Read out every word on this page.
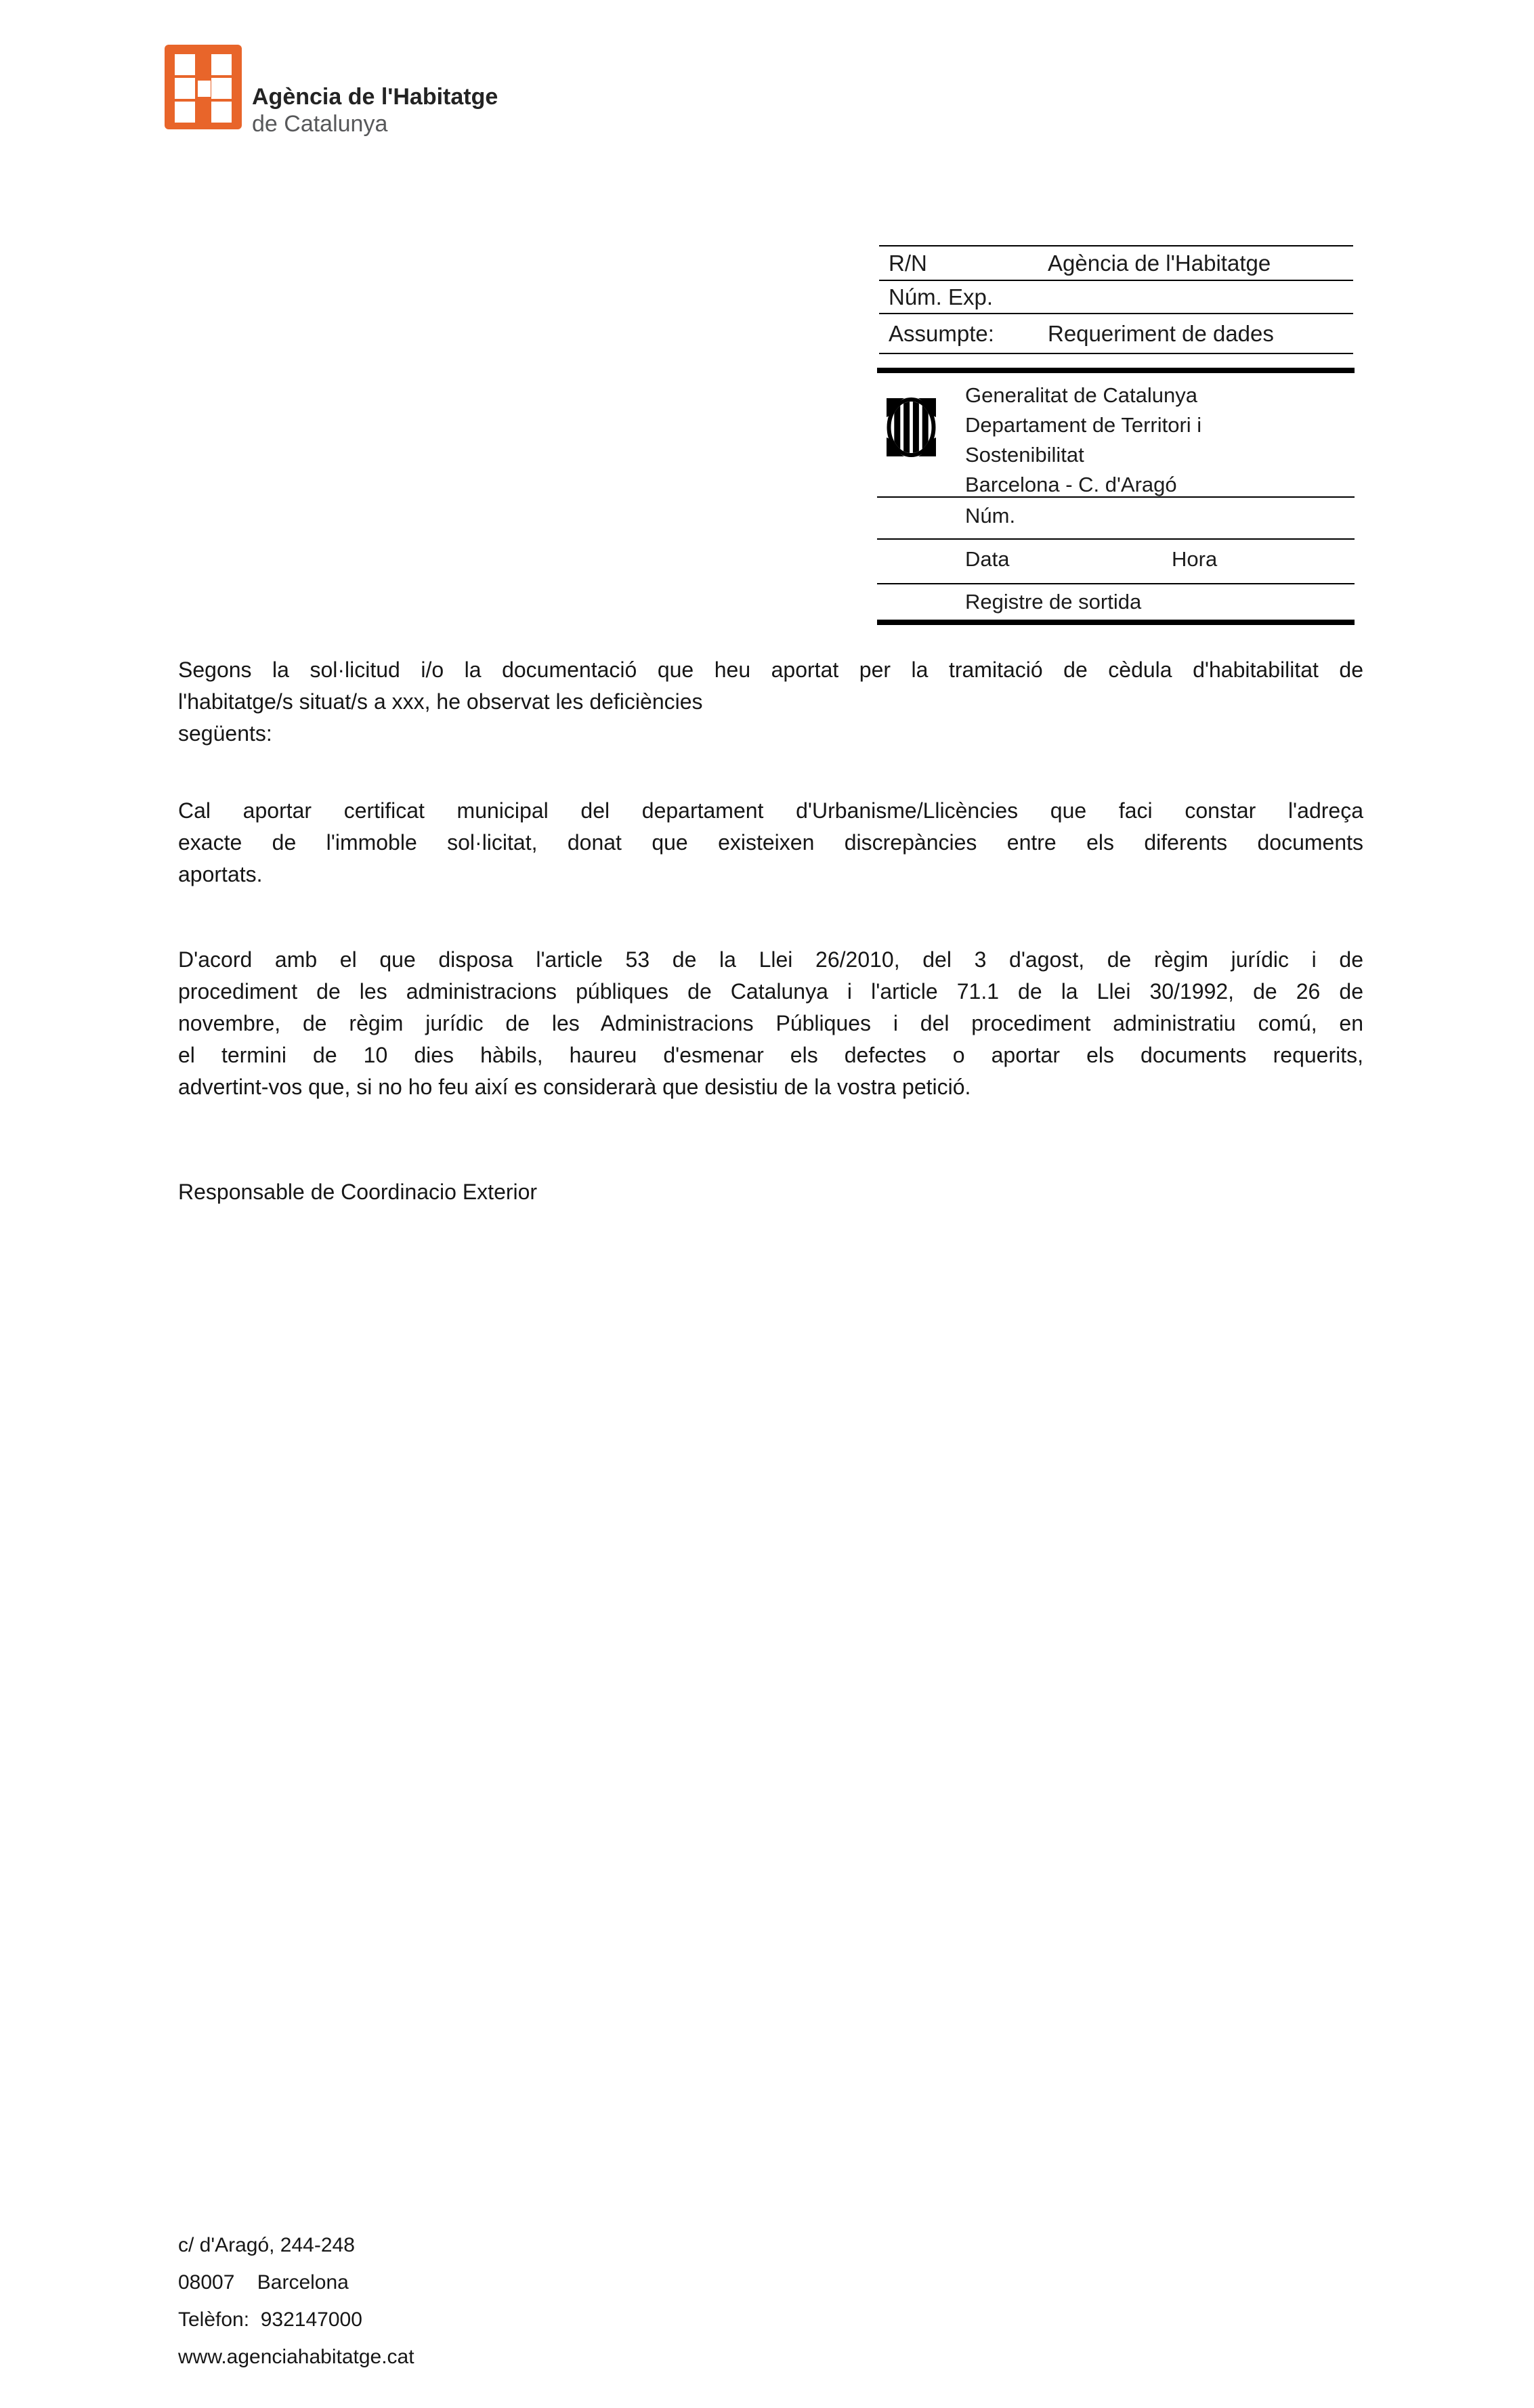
Agència de l'Habitatge
de Catalunya
R/N	Agència de l'Habitatge
Núm. Exp.
Assumpte:	Requeriment de dades
Generalitat de Catalunya
Departament de Territori i
Sostenibilitat
Barcelona - C. d'Aragó
Núm.
Data	Hora
Registre de sortida
Segons la sol·licitud i/o la documentació que heu aportat per la tramitació de cèdula d'habitabilitat de
l'habitatge/s situat/s a xxx, he observat les deficiències
següents:
Cal aportar certificat municipal del departament d'Urbanisme/Llicències que faci constar l'adreça
exacte de l'immoble sol·licitat, donat que existeixen discrepàncies entre els diferents documents
aportats.
D'acord amb el que disposa l'article 53 de la Llei 26/2010, del 3 d'agost, de règim jurídic i de
procediment de les administracions públiques de Catalunya i l'article 71.1 de la Llei 30/1992, de 26 de
novembre, de règim jurídic de les Administracions Públiques i del procediment administratiu comú, en
el termini de 10 dies hàbils, haureu d'esmenar els defectes o aportar els documents requerits,
advertint-vos que, si no ho feu així es considerarà que desistiu de la vostra petició.
Responsable de Coordinacio Exterior
c/ d'Aragó, 244-248
08007    Barcelona
Telèfon:  932147000
www.agenciahabitatge.cat
